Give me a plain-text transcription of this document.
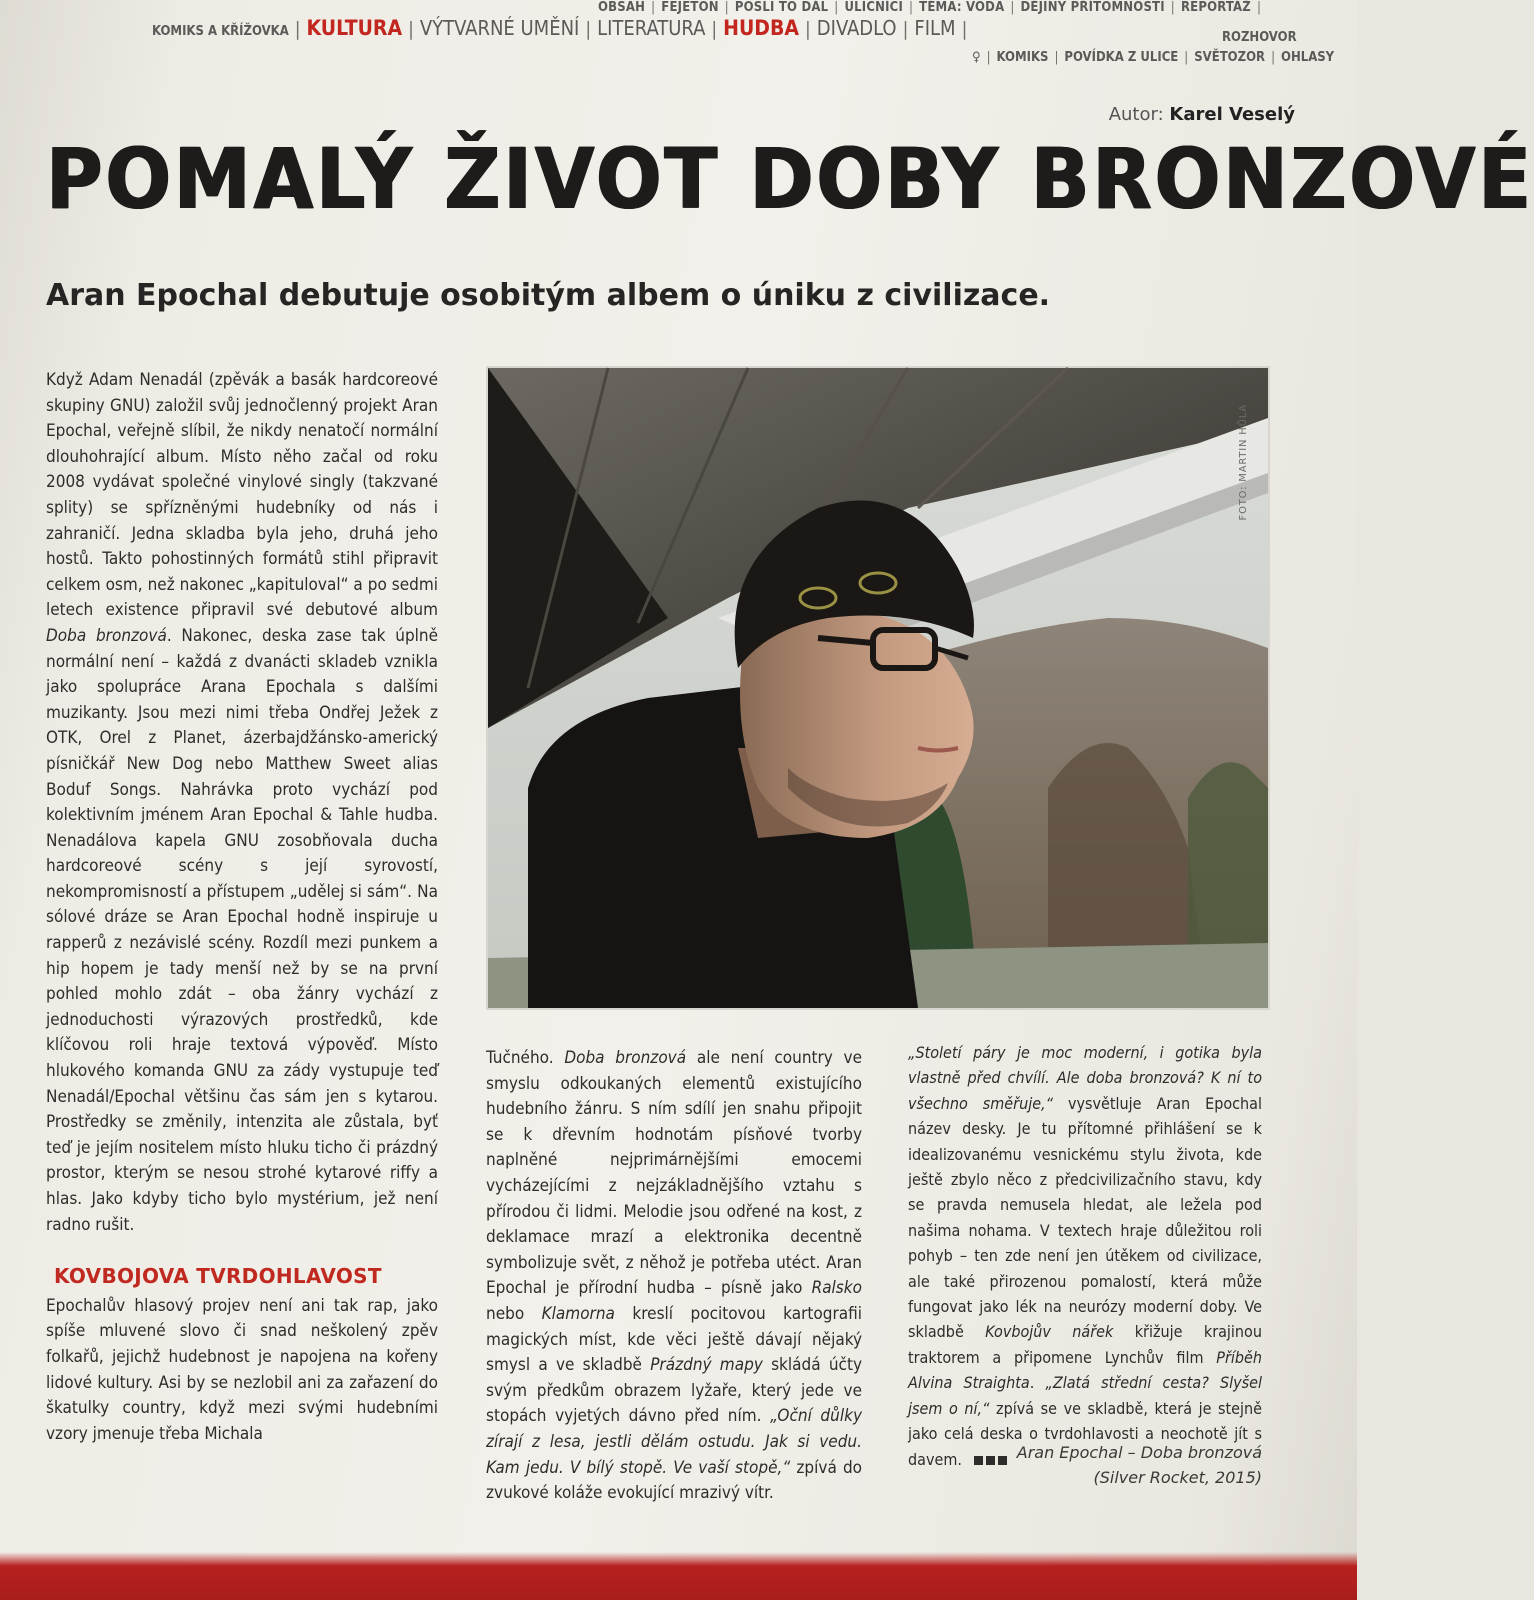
OBSAH | FEJETON | POŠLI TO DÁL | ULIČNÍCI | TÉMA: VODA | DĚJINY PŘÍTOMNOSTI | REPORTÁŽ |
KOMIKS A KŘÍŽOVKA | KULTURA | VÝTVARNÉ UMĚNÍ | LITERATURA | HUDBA | DIVADLO | FILM |	ROZHOVOR
♀ | KOMIKS | POVÍDKA Z ULICE | SVĚTOZOR | OHLASY
Autor: Karel Veselý
POMALÝ ŽIVOT DOBY BRONZOVÉ
Aran Epochal debutuje osobitým albem o úniku z civilizace.

Když Adam Nenadál (zpěvák a basák hardcoreové skupiny GNU) založil svůj jednočlenný projekt Aran Epochal, veřejně slíbil, že nikdy nenatočí normální dlouhohrající album. Místo něho začal od roku 2008 vydávat společné vinylové singly (takzvané splity) se spřízněnými hudebníky od nás i zahraničí. Jedna skladba byla jeho, druhá jeho hostů. Takto pohostinných formátů stihl připravit celkem osm, než nakonec „kapituloval“ a po sedmi letech existence připravil své debutové album Doba bronzová. Nakonec, deska zase tak úplně normální není – každá z dvanácti skladeb vznikla jako spolupráce Arana Epochala s dalšími muzikanty. Jsou mezi nimi třeba Ondřej Ježek z OTK, Orel z Planet, ázerbajdžánsko-americký písničkář New Dog nebo Matthew Sweet alias Boduf Songs. Nahrávka proto vychází pod kolektivním jménem Aran Epochal & Tahle hudba. Nenadálova kapela GNU zosobňovala ducha hardcoreové scény s její syrovostí, nekompromisností a přístupem „udělej si sám“. Na sólové dráze se Aran Epochal hodně inspiruje u rapperů z nezávislé scény. Rozdíl mezi punkem a hip hopem je tady menší než by se na první pohled mohlo zdát – oba žánry vychází z jednoduchosti výrazových prostředků, kde klíčovou roli hraje textová výpověď. Místo hlukového komanda GNU za zády vystupuje teď Nenadál/Epochal většinu čas sám jen s kytarou. Prostředky se změnily, intenzita ale zůstala, byť teď je jejím nositelem místo hluku ticho či prázdný prostor, kterým se nesou strohé kytarové riffy a hlas. Jako kdyby ticho bylo mystérium, jež není radno rušit.

KOVBOJOVA TVRDOHLAVOST

Epochalův hlasový projev není ani tak rap, jako spíše mluvené slovo či snad neškolený zpěv folkařů, jejichž hudebnost je napojena na kořeny lidové kultury. Asi by se nezlobil ani za zařazení do škatulky country, když mezi svými hudebními vzory jmenuje třeba Michala

FOTO: MARTIN HŮLA

Tučného. Doba bronzová ale není country ve smyslu odkoukaných elementů existujícího hudebního žánru. S ním sdílí jen snahu připojit se k dřevním hodnotám písňové tvorby naplněné nejprimárnějšími emocemi vycházejícími z nejzákladnějšího vztahu s přírodou či lidmi. Melodie jsou odřené na kost, z deklamace mrazí a elektronika decentně symbolizuje svět, z něhož je potřeba utéct. Aran Epochal je přírodní hudba – písně jako Ralsko nebo Klamorna kreslí pocitovou kartografii magických míst, kde věci ještě dávají nějaký smysl a ve skladbě Prázdný mapy skládá účty svým předkům obrazem lyžaře, který jede ve stopách vyjetých dávno před ním. „Oční důlky zírají z lesa, jestli dělám ostudu. Jak si vedu. Kam jedu. V bílý stopě. Ve vaší stopě,“ zpívá do zvukové koláže evokující mrazivý vítr.

„Století páry je moc moderní, i gotika byla vlastně před chvílí. Ale doba bronzová? K ní to všechno směřuje,“ vysvětluje Aran Epochal název desky. Je tu přítomné přihlášení se k idealizovanému vesnickému stylu života, kde ještě zbylo něco z předcivilizačního stavu, kdy se pravda nemusela hledat, ale ležela pod našima nohama. V textech hraje důležitou roli pohyb – ten zde není jen útěkem od civilizace, ale také přirozenou pomalostí, která může fungovat jako lék na neurózy moderní doby. Ve skladbě Kovbojův nářek křižuje krajinou traktorem a připomene Lynchův film Příběh Alvina Straighta. „Zlatá střední cesta? Slyšel jsem o ní,“ zpívá se ve skladbě, která je stejně jako celá deska o tvrdohlavosti a neochotě jít s davem.	Aran Epochal – Doba bronzová
(Silver Rocket, 2015)
